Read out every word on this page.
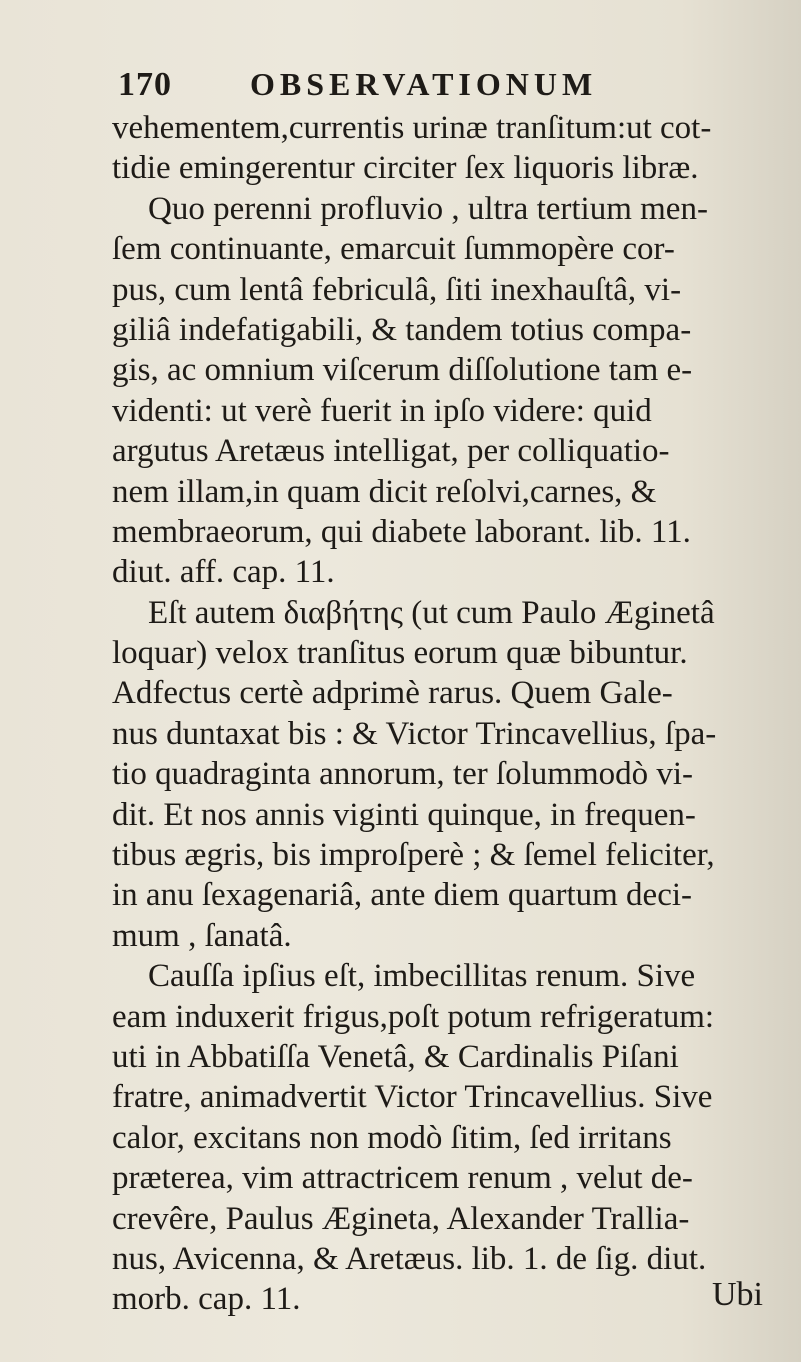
170 OBSERVATIONUM
vehementem,currentis urinæ tranſitum:ut cot-
tidie emingerentur circiter ſex liquoris libræ.
Quo perenni profluvio , ultra tertium men-
ſem continuante, emarcuit ſummopère cor-
pus, cum lentâ febriculâ, ſiti inexhauſtâ, vi-
giliâ indefatigabili, & tandem totius compa-
gis, ac omnium viſcerum diſſolutione tam e-
videnti: ut verè fuerit in ipſo videre: quid
argutus Aretæus intelligat, per colliquatio-
nem illam,in quam dicit reſolvi,carnes, &
membraeorum, qui diabete laborant. lib. 11.
diut. aff. cap. 11.
Eſt autem διαβήτης (ut cum Paulo Æginetâ
loquar) velox tranſitus eorum quæ bibuntur.
Adfectus certè adprimè rarus. Quem Gale-
nus duntaxat bis : & Victor Trincavellius, ſpa-
tio quadraginta annorum, ter ſolummodò vi-
dit. Et nos annis viginti quinque, in frequen-
tibus ægris, bis improſperè ; & ſemel feliciter,
in anu ſexagenariâ, ante diem quartum deci-
mum , ſanatâ.
Cauſſa ipſius eſt, imbecillitas renum. Sive
eam induxerit frigus,poſt potum refrigeratum:
uti in Abbatiſſa Venetâ, & Cardinalis Piſani
fratre, animadvertit Victor Trincavellius. Sive
calor, excitans non modò ſitim, ſed irritans
præterea, vim attractricem renum , velut de-
crevêre, Paulus Ægineta, Alexander Trallia-
nus, Avicenna, & Aretæus. lib. 1. de ſig. diut.
morb. cap. 11.	Ubi
